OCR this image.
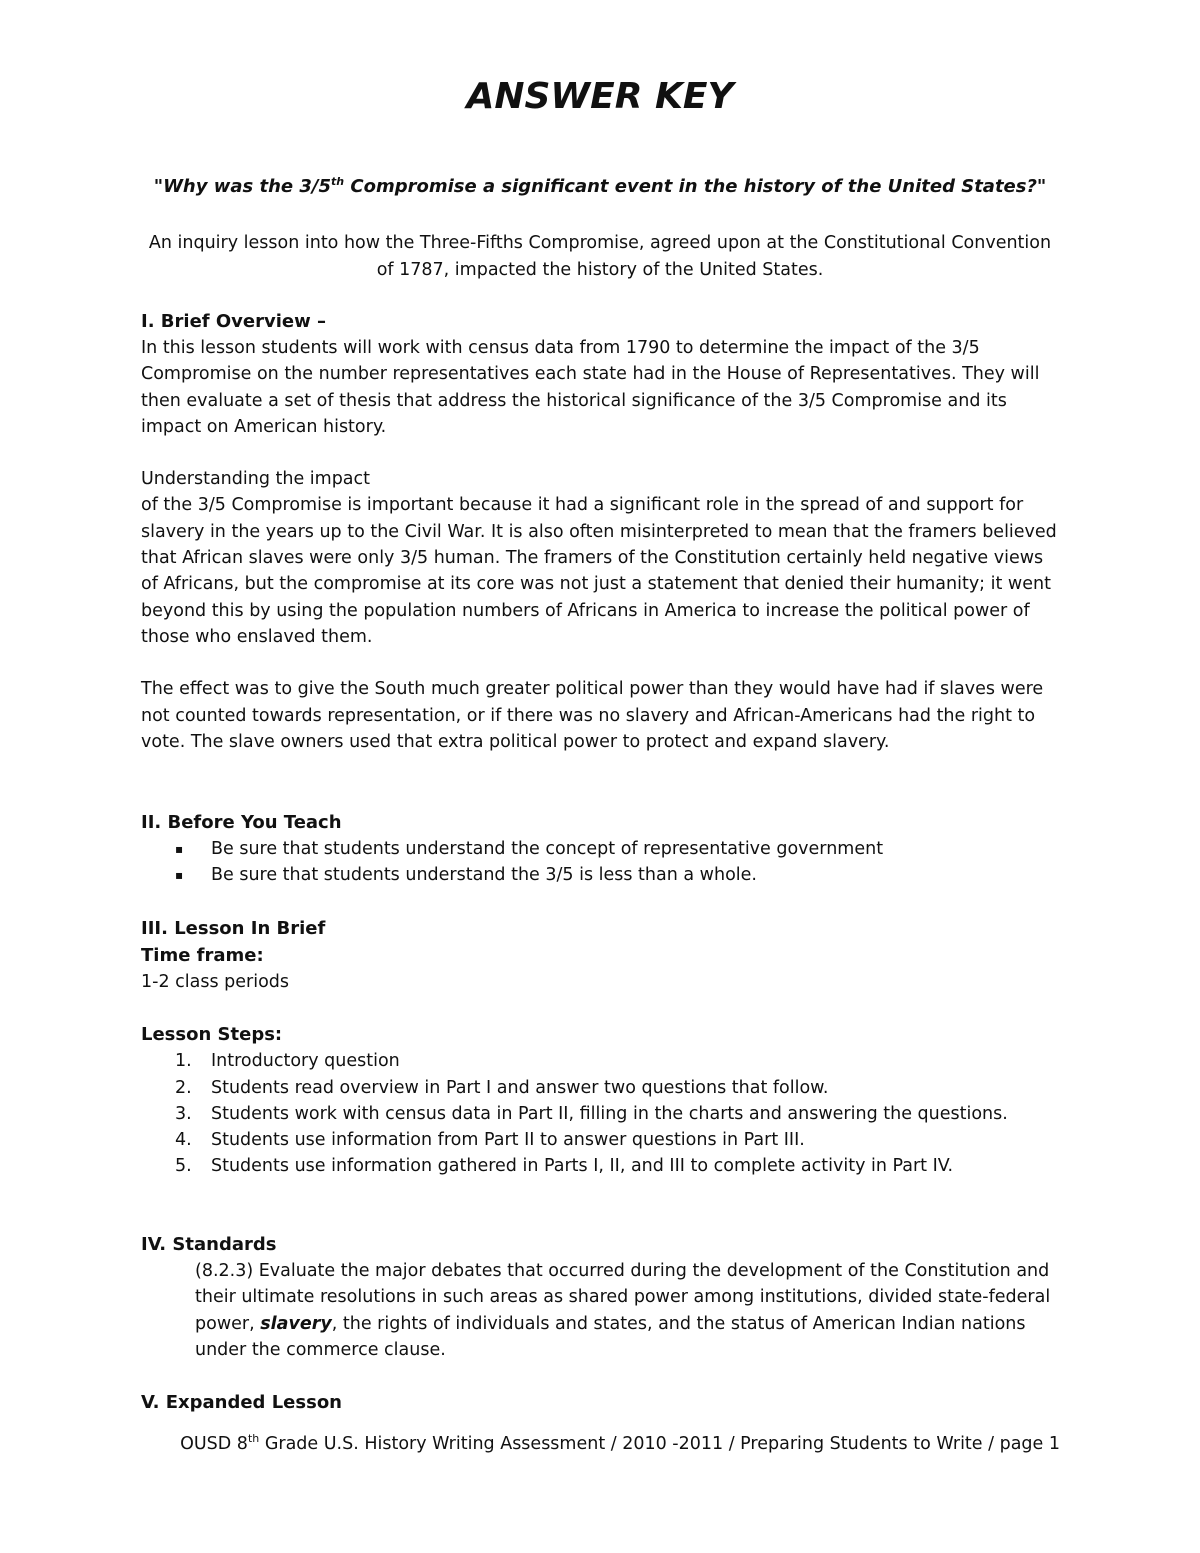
ANSWER KEY
"Why was the 3/5th Compromise a significant event in the history of the United States?"
An inquiry lesson into how the Three-Fifths Compromise, agreed upon at the Constitutional Convention
of 1787, impacted the history of the United States.
I. Brief Overview –

In this lesson students will work with census data from 1790 to determine the impact of the 3/5

Compromise on the number representatives each state had in the House of Representatives. They will

then evaluate a set of thesis that address the historical significance of the 3/5 Compromise and its

impact on American history.

Understanding the impact

of the 3/5 Compromise is important because it had a significant role in the spread of and support for

slavery in the years up to the Civil War. It is also often misinterpreted to mean that the framers believed

that African slaves were only 3/5 human. The framers of the Constitution certainly held negative views

of Africans, but the compromise at its core was not just a statement that denied their humanity; it went

beyond this by using the population numbers of Africans in America to increase the political power of

those who enslaved them.

The effect was to give the South much greater political power than they would have had if slaves were

not counted towards representation, or if there was no slavery and African-Americans had the right to

vote. The slave owners used that extra political power to protect and expand slavery.

II. Before You Teach
▪ Be sure that students understand the concept of representative government
▪ Be sure that students understand the 3/5 is less than a whole.
III. Lesson In Brief
Time frame:

1-2 class periods

Lesson Steps:
1. Introductory question
2. Students read overview in Part I and answer two questions that follow.
3. Students work with census data in Part II, filling in the charts and answering the questions.
4. Students use information from Part II to answer questions in Part III.
5. Students use information gathered in Parts I, II, and III to complete activity in Part IV.
IV. Standards

(8.2.3) Evaluate the major debates that occurred during the development of the Constitution and

their ultimate resolutions in such areas as shared power among institutions, divided state-federal

power, slavery, the rights of individuals and states, and the status of American Indian nations

under the commerce clause.

V. Expanded Lesson
OUSD 8th Grade U.S. History Writing Assessment / 2010 -2011 / Preparing Students to Write / page 1
